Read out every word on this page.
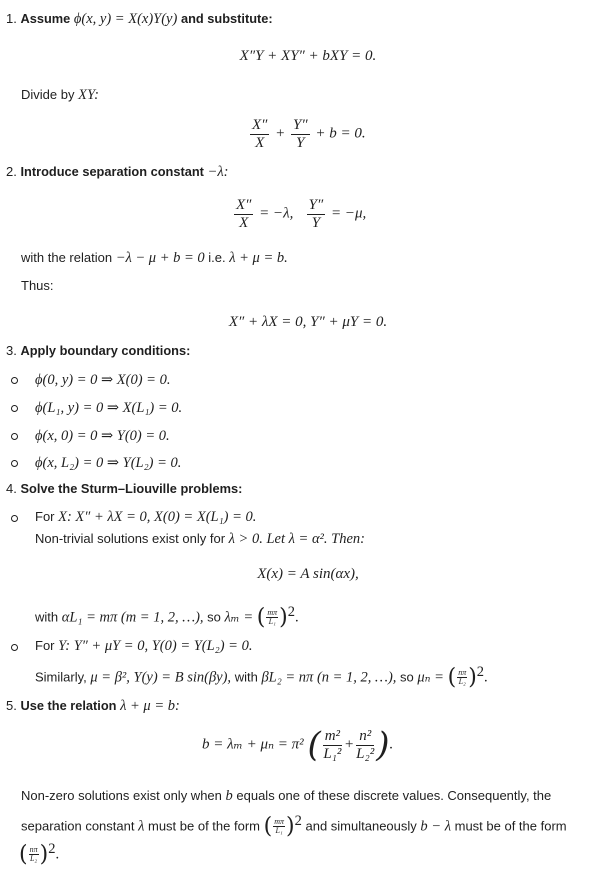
1. Assume ϕ(x, y) = X(x)Y(y) and substitute:
X″Y + XY″ + bXY = 0.
Divide by XY:
$\frac{X''}{X} + \frac{Y''}{Y} + b = 0$.
2. Introduce separation constant −λ:
$\frac{X''}{X} = -\lambda$, $\frac{Y''}{Y} = -\mu$,
with the relation −λ − μ + b = 0 i.e. λ + μ = b.
Thus:
X″ + λX = 0, Y″ + μY = 0.
3. Apply boundary conditions:
ϕ(0, y) = 0 ⇒ X(0) = 0.
ϕ(L₁, y) = 0 ⇒ X(L₁) = 0.
ϕ(x, 0) = 0 ⇒ Y(0) = 0.
ϕ(x, L₂) = 0 ⇒ Y(L₂) = 0.
4. Solve the Sturm–Liouville problems:
For X: X″ + λX = 0, X(0) = X(L₁) = 0.
Non-trivial solutions exist only for λ > 0. Let λ = α². Then:
X(x) = A sin(αx),
with αL₁ = mπ (m = 1, 2, …), so λₘ = ( $\frac{m\pi}{\text{L₁}} )^2$.
For Y: Y″ + μY = 0, Y(0) = Y(L₂) = 0.
Similarly, μ = β², Y(y) = B sin(βy), with βL₂ = nπ (n = 1, 2, …), so μₙ = ( $\frac{n\pi}{\text{L₂}} )^2$.
5. Use the relation λ + μ = b:
b = λₘ + μₙ = π² ( $\frac{\text{m²}}{\text{L₁²}} + \frac{\text{n²}}{\text{L₂²}}$ ).
Non-zero solutions exist only when b equals one of these discrete values. Consequently, the
separation constant λ must be of the form ( $\frac{m\pi}{\text{L₁}} )^2$ and simultaneously b − λ must be of the form
( $\frac{n\pi}{\text{L₂}} )^2$.
